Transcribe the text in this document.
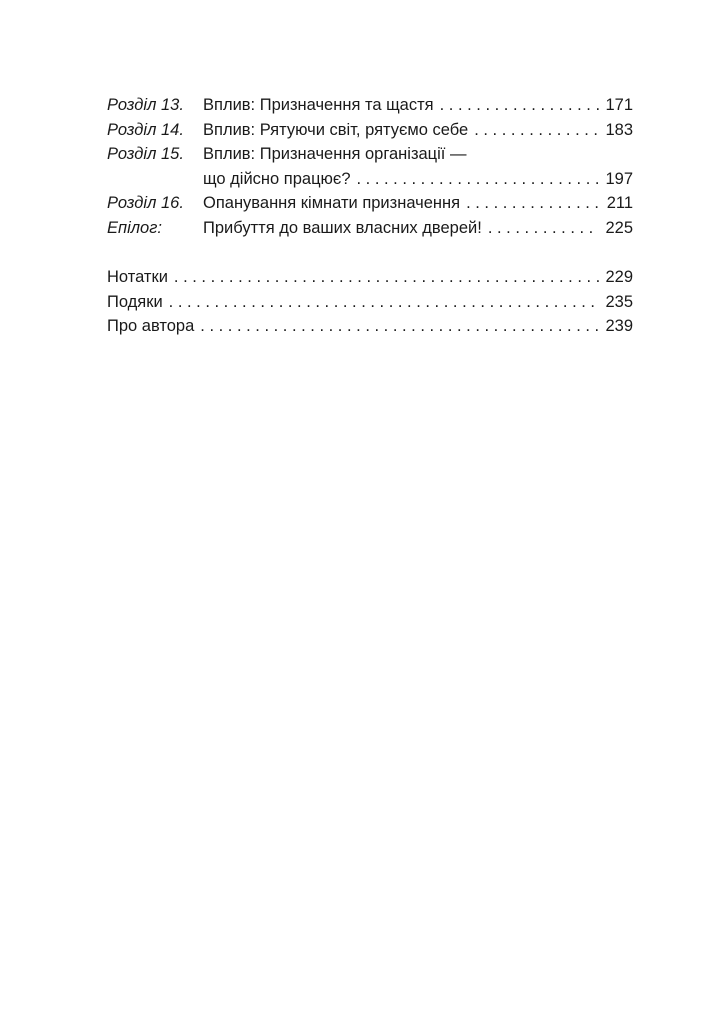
Розділ 13.	Вплив: Призначення та щастя . . .	171
Розділ 14.	Вплив: Рятуючи світ, рятуємо себе . . .	183
Розділ 15.	Вплив: Призначення організації —
що дійсно працює? . . .	197
Розділ 16.	Опанування кімнати призначення . . .	211
Епілог:	Прибуття до ваших власних дверей! . . .	225
Нотатки . . .	229
Подяки . . .	235
Про автора . . .	239
